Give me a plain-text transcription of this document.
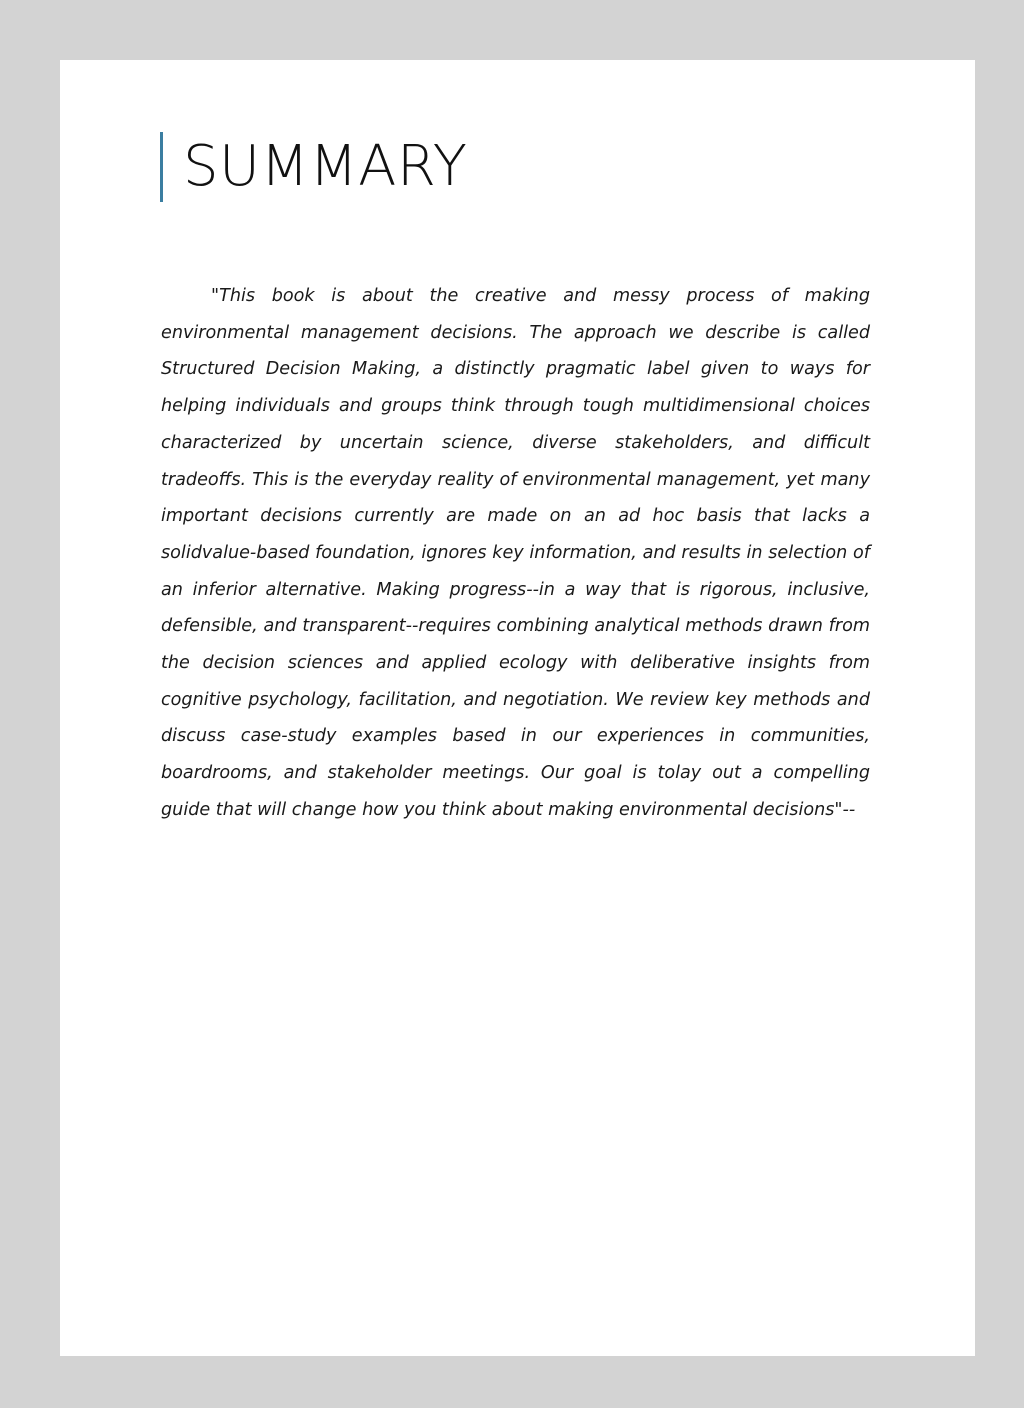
SUMMARY

"This book is about the creative and messy process of making environmental management decisions. The approach we describe is called Structured Decision Making, a distinctly pragmatic label given to ways for helping individuals and groups think through tough multidimensional choices characterized by uncertain science, diverse stakeholders, and difficult tradeoffs. This is the everyday reality of environmental management, yet many important decisions currently are made on an ad hoc basis that lacks a solidvalue-based foundation, ignores key information, and results in selection of an inferior alternative. Making progress--in a way that is rigorous, inclusive, defensible, and transparent--requires combining analytical methods drawn from the decision sciences and applied ecology with deliberative insights from cognitive psychology, facilitation, and negotiation. We review key methods and discuss case-study examples based in our experiences in communities, boardrooms, and stakeholder meetings. Our goal is tolay out a compelling guide that will change how you think about making environmental decisions"--
